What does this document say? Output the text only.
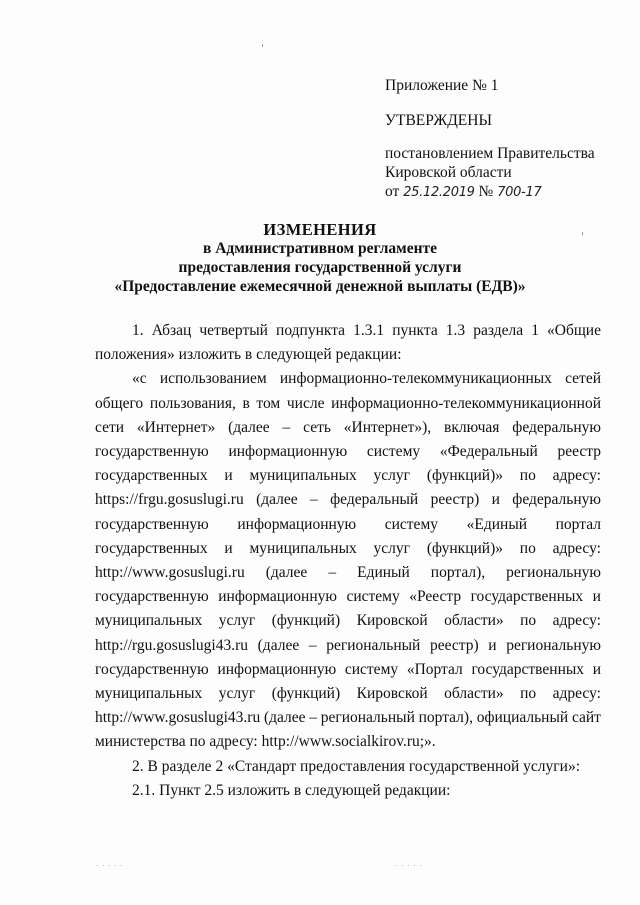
Приложение № 1
УТВЕРЖДЕНЫ
постановлением Правительства
Кировской области
от 25.12.2019 № 700-17
ИЗМЕНЕНИЯ
в Административном регламенте
предоставления государственной услуги
«Предоставление ежемесячной денежной выплаты (ЕДВ)»
1. Абзац четвертый подпункта 1.3.1 пункта 1.3 раздела 1 «Общие
положения» изложить в следующей редакции:
«с использованием информационно-телекоммуникационных сетей
общего пользования, в том числе информационно-телекоммуникационной
сети «Интернет» (далее – сеть «Интернет»), включая федеральную
государственную информационную систему «Федеральный реестр
государственных и муниципальных услуг (функций)» по адресу:
https://frgu.gosuslugi.ru (далее – федеральный реестр) и федеральную
государственную информационную систему «Единый портал
государственных и муниципальных услуг (функций)» по адресу:
http://www.gosuslugi.ru (далее – Единый портал), региональную
государственную информационную систему «Реестр государственных и
муниципальных услуг (функций) Кировской области» по адресу:
http://rgu.gosuslugi43.ru (далее – региональный реестр) и региональную
государственную информационную систему «Портал государственных и
муниципальных услуг (функций) Кировской области» по адресу:
http://www.gosuslugi43.ru (далее – региональный портал), официальный сайт
министерства по адресу: http://www.socialkirov.ru;».
2. В разделе 2 «Стандарт предоставления государственной услуги»:
2.1. Пункт 2.5 изложить в следующей редакции:
· · · · ·	· · · · ·
